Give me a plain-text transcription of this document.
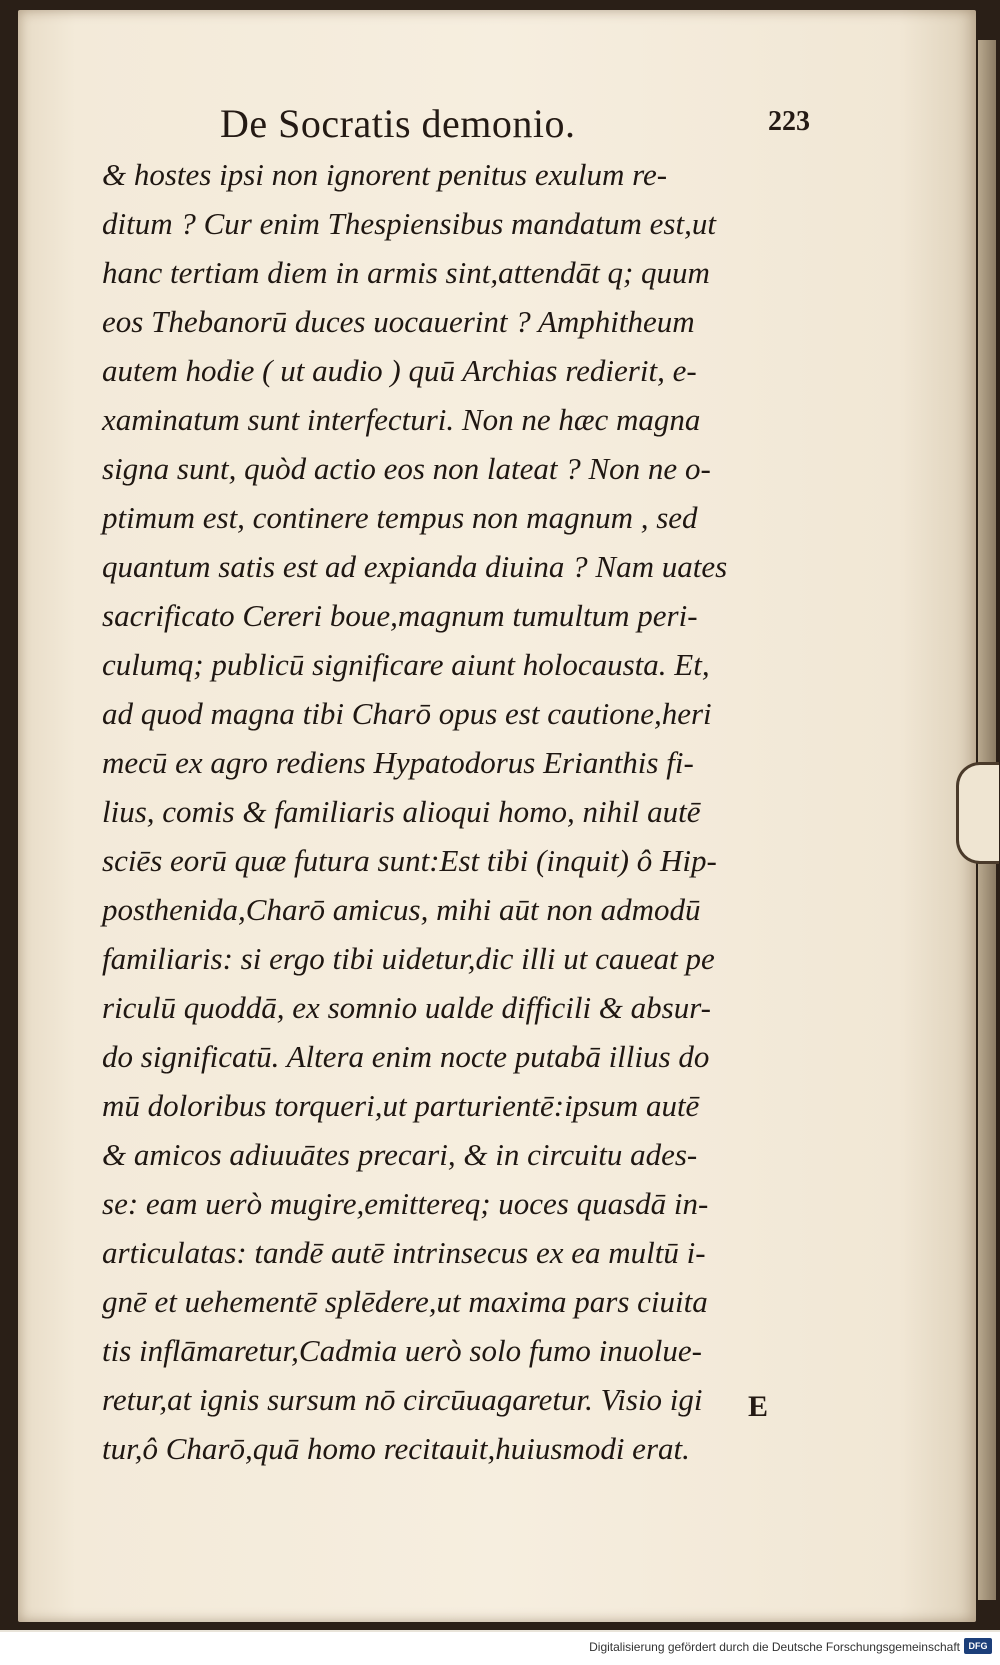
De Socratis demonio.	223
& hostes ipsi non ignorent penitus exulum re-
ditum ? Cur enim Thespiensibus mandatum est,ut
hanc tertiam diem in armis sint,attendāt q; quum
eos Thebanorū duces uocauerint ? Amphitheum
autem hodie ( ut audio ) quū Archias redierit, e-
xaminatum sunt interfecturi. Non ne hæc magna
signa sunt, quòd actio eos non lateat ? Non ne o-
ptimum est, continere tempus non magnum , sed
quantum satis est ad expianda diuina ? Nam uates
sacrificato Cereri boue,magnum tumultum peri-
culumq; publicū significare aiunt holocausta. Et,
ad quod magna tibi Charō opus est cautione,heri
mecū ex agro rediens Hypatodorus Erianthis fi-
lius, comis & familiaris alioqui homo, nihil autē
sciēs eorū quæ futura sunt:Est tibi (inquit) ô Hip-
posthenida,Charō amicus, mihi aūt non admodū
familiaris: si ergo tibi uidetur,dic illi ut caueat pe
riculū quoddā, ex somnio ualde difficili & absur-
do significatū. Altera enim nocte putabā illius do
mū doloribus torqueri,ut parturientē:ipsum autē
& amicos adiuuātes precari, & in circuitu ades-
se: eam uerò mugire,emittereq; uoces quasdā in-
articulatas: tandē autē intrinsecus ex ea multū i-
gnē et uehementē splēdere,ut maxima pars ciuita
tis inflāmaretur,Cadmia uerò solo fumo inuolue-
retur,at ignis sursum nō circūuagaretur. Visio igi
tur,ô Charō,quā homo recitauit,huiusmodi erat.
E
Digitalisierung gefördert durch die Deutsche Forschungsgemeinschaft DFG
